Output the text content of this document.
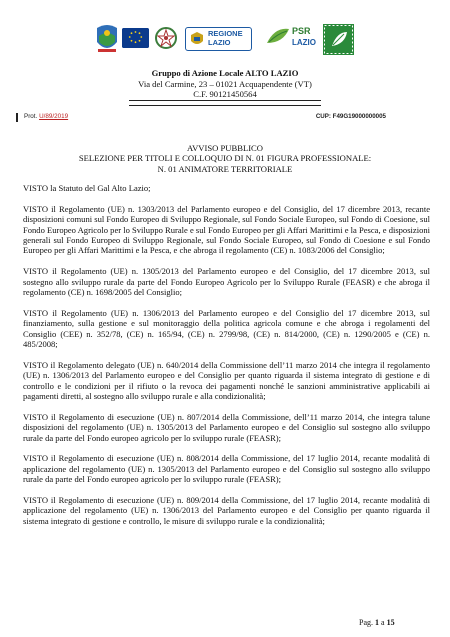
REGIONE
LAZIO
PSR
LAZIO
Gruppo di Azione Locale ALTO LAZIO
Via del Carmine, 23 – 01021 Acquapendente (VT)
C.F. 90121450564
Prot. U/89/2019	CUP: F49G19000000005
AVVISO PUBBLICO
SELEZIONE PER TITOLI E COLLOQUIO DI N. 01 FIGURA PROFESSIONALE:
N. 01 ANIMATORE TERRITORIALE

VISTO la Statuto del Gal Alto Lazio;

VISTO il Regolamento (UE) n. 1303/2013 del Parlamento europeo e del Consiglio, del 17 dicembre 2013, recante disposizioni comuni sul Fondo Europeo di Sviluppo Regionale, sul Fondo Sociale Europeo, sul Fondo di Coesione, sul Fondo Europeo Agricolo per lo Sviluppo Rurale e sul Fondo Europeo per gli Affari Marittimi e la Pesca, e disposizioni generali sul Fondo Europeo di Sviluppo Regionale, sul Fondo Sociale Europeo, sul Fondo di Coesione e sul Fondo Europeo per gli Affari Marittimi e la Pesca, e che abroga il regolamento (CE) n. 1083/2006 del Consiglio;

VISTO il Regolamento (UE) n. 1305/2013 del Parlamento europeo e del Consiglio, del 17 dicembre 2013, sul sostegno allo sviluppo rurale da parte del Fondo Europeo Agricolo per lo Sviluppo Rurale (FEASR) e che abroga il regolamento (CE) n. 1698/2005 del Consiglio;

VISTO il Regolamento (UE) n. 1306/2013 del Parlamento europeo e del Consiglio del 17 dicembre 2013, sul finanziamento, sulla gestione e sul monitoraggio della politica agricola comune e che abroga i regolamenti del Consiglio (CEE) n. 352/78, (CE) n. 165/94, (CE) n. 2799/98, (CE) n. 814/2000, (CE) n. 1290/2005 e (CE) n. 485/2008;

VISTO il Regolamento delegato (UE) n. 640/2014 della Commissione dell’11 marzo 2014 che integra il regolamento (UE) n. 1306/2013 del Parlamento europeo e del Consiglio per quanto riguarda il sistema integrato di gestione e di controllo e le condizioni per il rifiuto o la revoca dei pagamenti nonché le sanzioni amministrative applicabili ai pagamenti diretti, al sostegno allo sviluppo rurale e alla condizionalità;

VISTO il Regolamento di esecuzione (UE) n. 807/2014 della Commissione, dell’11 marzo 2014, che integra talune disposizioni del regolamento (UE) n. 1305/2013 del Parlamento europeo e del Consiglio sul sostegno allo sviluppo rurale da parte del Fondo europeo agricolo per lo sviluppo rurale (FEASR);

VISTO il Regolamento di esecuzione (UE) n. 808/2014 della Commissione, del 17 luglio 2014, recante modalità di applicazione del regolamento (UE) n. 1305/2013 del Parlamento europeo e del Consiglio sul sostegno allo sviluppo rurale da parte del Fondo europeo agricolo per lo sviluppo rurale (FEASR);

VISTO il Regolamento di esecuzione (UE) n. 809/2014 della Commissione, del 17 luglio 2014, recante modalità di applicazione del regolamento (UE) n. 1306/2013 del Parlamento europeo e del Consiglio per quanto riguarda il sistema integrato di gestione e controllo, le misure di sviluppo rurale e la condizionalità;

Pag. 1 a 15
